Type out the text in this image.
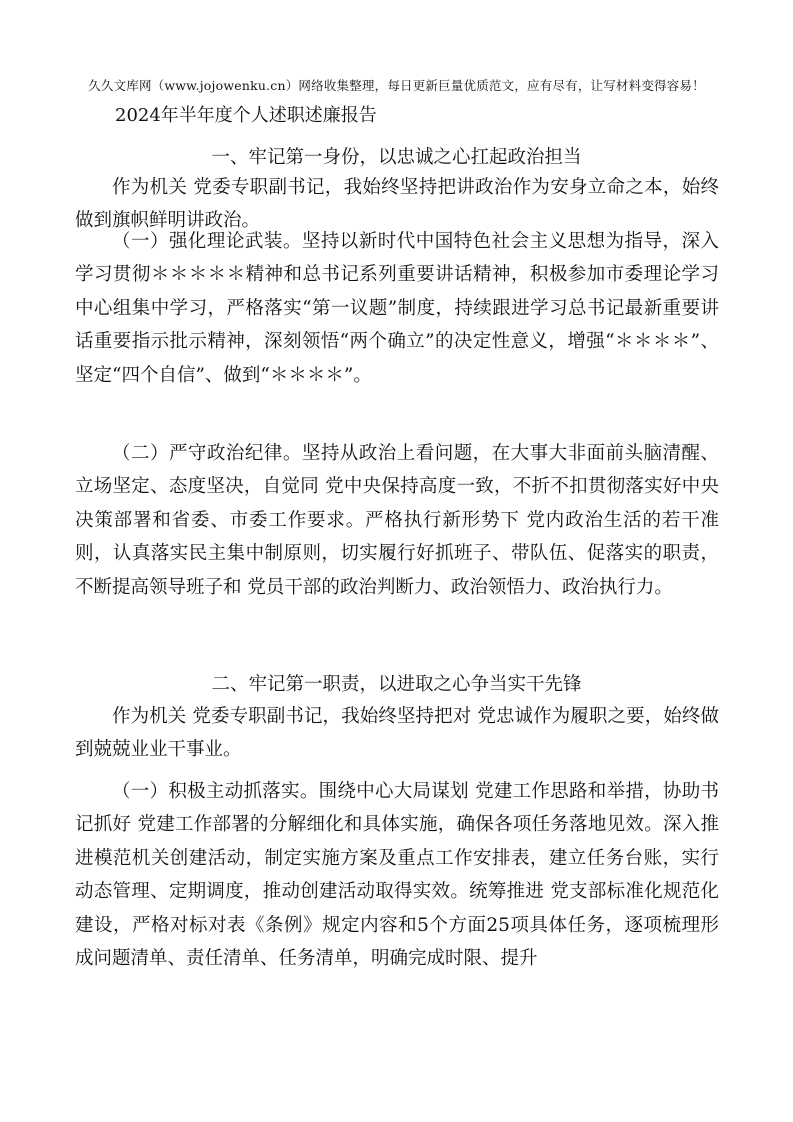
久久文库网（www.jojowenku.cn）网络收集整理，每日更新巨量优质范文，应有尽有，让写材料变得容易！
2024年半年度个人述职述廉报告
一、牢记第一身份，以忠诚之心扛起政治担当

作为机关 党委专职副书记，我始终坚持把讲政治作为安身立命之本，始终做到旗帜鲜明讲政治。

（一）强化理论武装。坚持以新时代中国特色社会主义思想为指导，深入学习贯彻＊＊＊＊＊精神和总书记系列重要讲话精神，积极参加市委理论学习中心组集中学习，严格落实“第一议题”制度，持续跟进学习总书记最新重要讲话重要指示批示精神，深刻领悟“两个确立”的决定性意义，增强“＊＊＊＊”、坚定“四个自信”、做到“＊＊＊＊”。

（二）严守政治纪律。坚持从政治上看问题，在大事大非面前头脑清醒、立场坚定、态度坚决，自觉同 党中央保持高度一致，不折不扣贯彻落实好中央决策部署和省委、市委工作要求。严格执行新形势下 党内政治生活的若干准则，认真落实民主集中制原则，切实履行好抓班子、带队伍、促落实的职责，不断提高领导班子和 党员干部的政治判断力、政治领悟力、政治执行力。

二、牢记第一职责，以进取之心争当实干先锋

作为机关 党委专职副书记，我始终坚持把对 党忠诚作为履职之要，始终做到兢兢业业干事业。

（一）积极主动抓落实。围绕中心大局谋划 党建工作思路和举措，协助书记抓好 党建工作部署的分解细化和具体实施，确保各项任务落地见效。深入推进模范机关创建活动，制定实施方案及重点工作安排表，建立任务台账，实行动态管理、定期调度，推动创建活动取得实效。统筹推进 党支部标准化规范化建设，严格对标对表《条例》规定内容和5个方面25项具体任务，逐项梳理形成问题清单、责任清单、任务清单，明确完成时限、提升
